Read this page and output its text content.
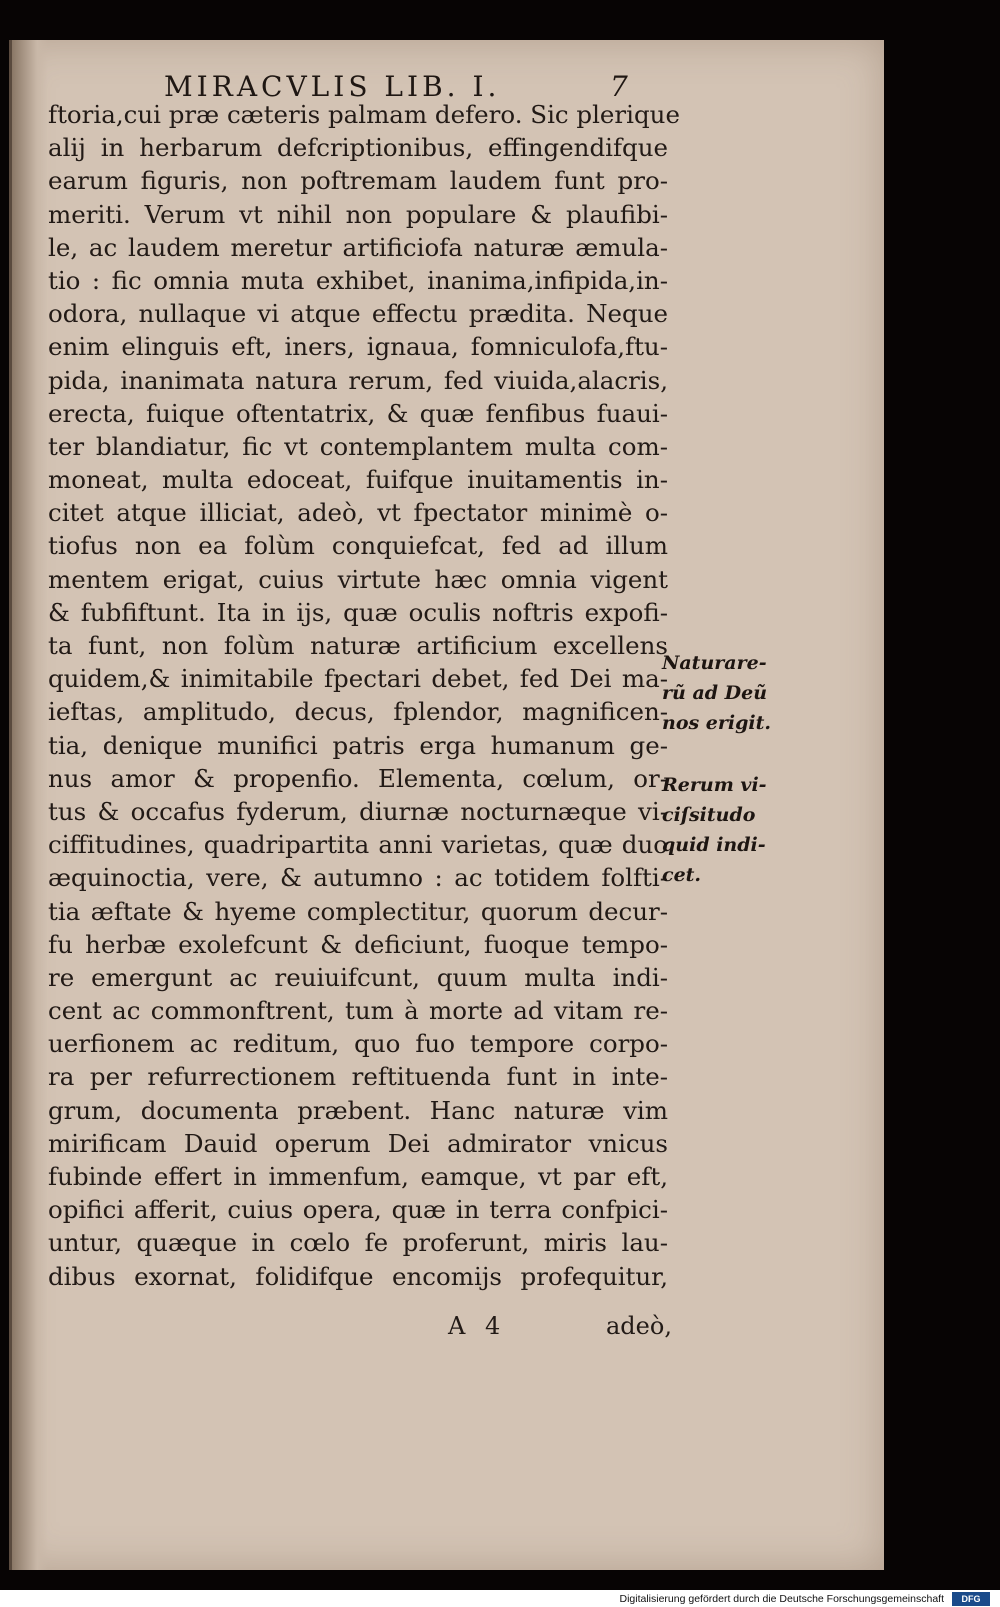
MIRACVLIS LIB. I.	7
ftoria,cui præ cæteris palmam defero. Sic plerique
alij in herbarum defcriptionibus, effingendifque
earum figuris, non poftremam laudem funt pro-
meriti. Verum vt nihil non populare & plaufibi-
le, ac laudem meretur artificiofa naturæ æmula-
tio : fic omnia muta exhibet, inanima,infipida,in-
odora, nullaque vi atque effectu prædita. Neque
enim elinguis eft, iners, ignaua, fomniculofa,ftu-
pida, inanimata natura rerum, fed viuida,alacris,
erecta, fuique oftentatrix, & quæ fenfibus fuaui-
ter blandiatur, fic vt contemplantem multa com-
moneat, multa edoceat, fuifque inuitamentis in-
citet atque illiciat, adeò, vt fpectator minimè o-
tiofus non ea folùm conquiefcat, fed ad illum
mentem erigat, cuius virtute hæc omnia vigent
& fubfiftunt. Ita in ijs, quæ oculis noftris expofi-
ta funt, non folùm naturæ artificium excellens
quidem,& inimitabile fpectari debet, fed Dei ma-
ieftas, amplitudo, decus, fplendor, magnificen-
tia, denique munifici patris erga humanum ge-
nus amor & propenfio. Elementa, cœlum, or-
tus & occafus fyderum, diurnæ nocturnæque vi-
ciffitudines, quadripartita anni varietas, quæ duo
æquinoctia, vere, & autumno : ac totidem folfti-
tia æftate & hyeme complectitur, quorum decur-
fu herbæ exolefcunt & deficiunt, fuoque tempo-
re emergunt ac reuiuifcunt, quum multa indi-
cent ac commonftrent, tum à morte ad vitam re-
uerfionem ac reditum, quo fuo tempore corpo-
ra per refurrectionem reftituenda funt in inte-
grum, documenta præbent. Hanc naturæ vim
mirificam Dauid operum Dei admirator vnicus
fubinde effert in immenfum, eamque, vt par eft,
opifici afferit, cuius opera, quæ in terra confpici-
untur, quæque in cœlo fe proferunt, miris lau-
dibus exornat, folidifque encomijs profequitur,
Naturare-
rũ ad Deũ
nos erigit.
Rerum vi-
ciſsitudo
quid indi-
cet.
A 4	adeò,
Digitalisierung gefördert durch die Deutsche Forschungsgemeinschaft	DFG
